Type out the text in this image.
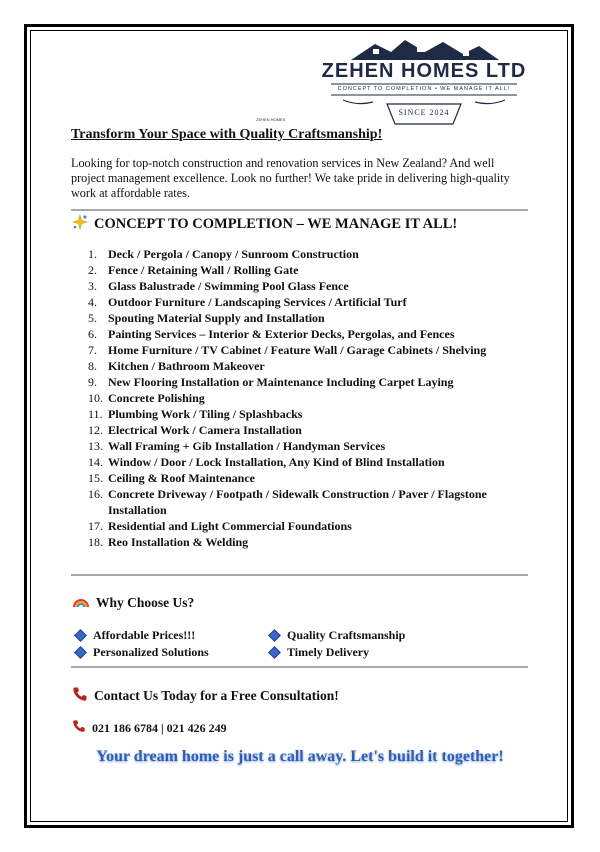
ZEHEN HOMES LTD
CONCEPT TO COMPLETION • WE MANAGE IT ALL!
SINCE 2024
ZEHEN HOMES
Transform Your Space with Quality Craftsmanship!
Looking for top-notch construction and renovation services in New Zealand? And well project management excellence. Look no further! We take pride in delivering high-quality work at affordable rates.
CONCEPT TO COMPLETION – WE MANAGE IT ALL!
1. Deck / Pergola / Canopy / Sunroom Construction
2. Fence / Retaining Wall / Rolling Gate
3. Glass Balustrade / Swimming Pool Glass Fence
4. Outdoor Furniture / Landscaping Services / Artificial Turf
5. Spouting Material Supply and Installation
6. Painting Services – Interior & Exterior Decks, Pergolas, and Fences
7. Home Furniture / TV Cabinet / Feature Wall / Garage Cabinets / Shelving
8. Kitchen / Bathroom Makeover
9. New Flooring Installation or Maintenance Including Carpet Laying
10. Concrete Polishing
11. Plumbing Work / Tiling / Splashbacks
12. Electrical Work / Camera Installation
13. Wall Framing + Gib Installation / Handyman Services
14. Window / Door / Lock Installation, Any Kind of Blind Installation
15. Ceiling & Roof Maintenance
16. Concrete Driveway / Footpath / Sidewalk Construction / Paver / Flagstone Installation
17. Residential and Light Commercial Foundations
18. Reo Installation & Welding
Why Choose Us?
Affordable Prices!!!	Quality Craftsmanship
Personalized Solutions	Timely Delivery
Contact Us Today for a Free Consultation!
021 186 6784 | 021 426 249
Your dream home is just a call away. Let's build it together!
